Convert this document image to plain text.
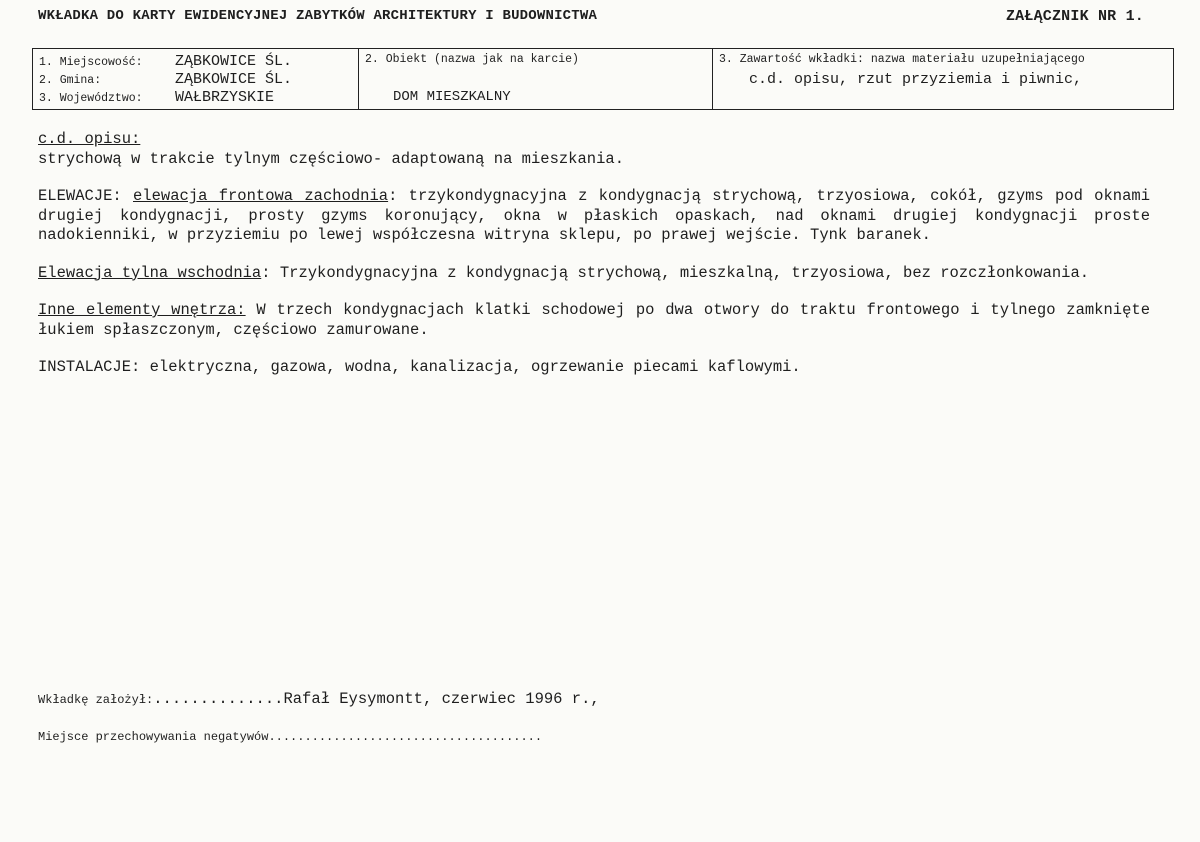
WKŁADKA DO KARTY EWIDENCYJNEJ ZABYTKÓW ARCHITEKTURY I BUDOWNICTWA	ZAŁĄCZNIK NR 1.
1. Miejscowość:	ZĄBKOWICE ŚL.
2. Gmina:	ZĄBKOWICE ŚL.
3. Województwo:	WAŁBRZYSKIE
2. Obiekt (nazwa jak na karcie)
DOM MIESZKALNY
3. Zawartość wkładki: nazwa materiału uzupełniającego
c.d. opisu, rzut przyziemia i piwnic,

c.d. opisu:
strychową w trakcie tylnym częściowo- adaptowaną na mieszkania.

ELEWACJE: elewacja frontowa zachodnia: trzykondygnacyjna z kondygnacją strychową, trzyosiowa, cokół, gzyms pod oknami drugiej kondygnacji, prosty gzyms koronujący, okna w płaskich opaskach, nad oknami drugiej kondygnacji proste nadokienniki, w przyziemiu po lewej współczesna witryna sklepu, po prawej wejście. Tynk baranek.

Elewacja tylna wschodnia: Trzykondygnacyjna z kondygnacją strychową, mieszkalną, trzyosiowa, bez rozczłonkowania.

Inne elementy wnętrza: W trzech kondygnacjach klatki schodowej po dwa otwory do traktu frontowego i tylnego zamknięte łukiem spłaszczonym, częściowo zamurowane.

INSTALACJE: elektryczna, gazowa, wodna, kanalizacja, ogrzewanie piecami kaflowymi.

Wkładkę założył:..............Rafał Eysymontt, czerwiec 1996 r.,
Miejsce przechowywania negatywów......................................
